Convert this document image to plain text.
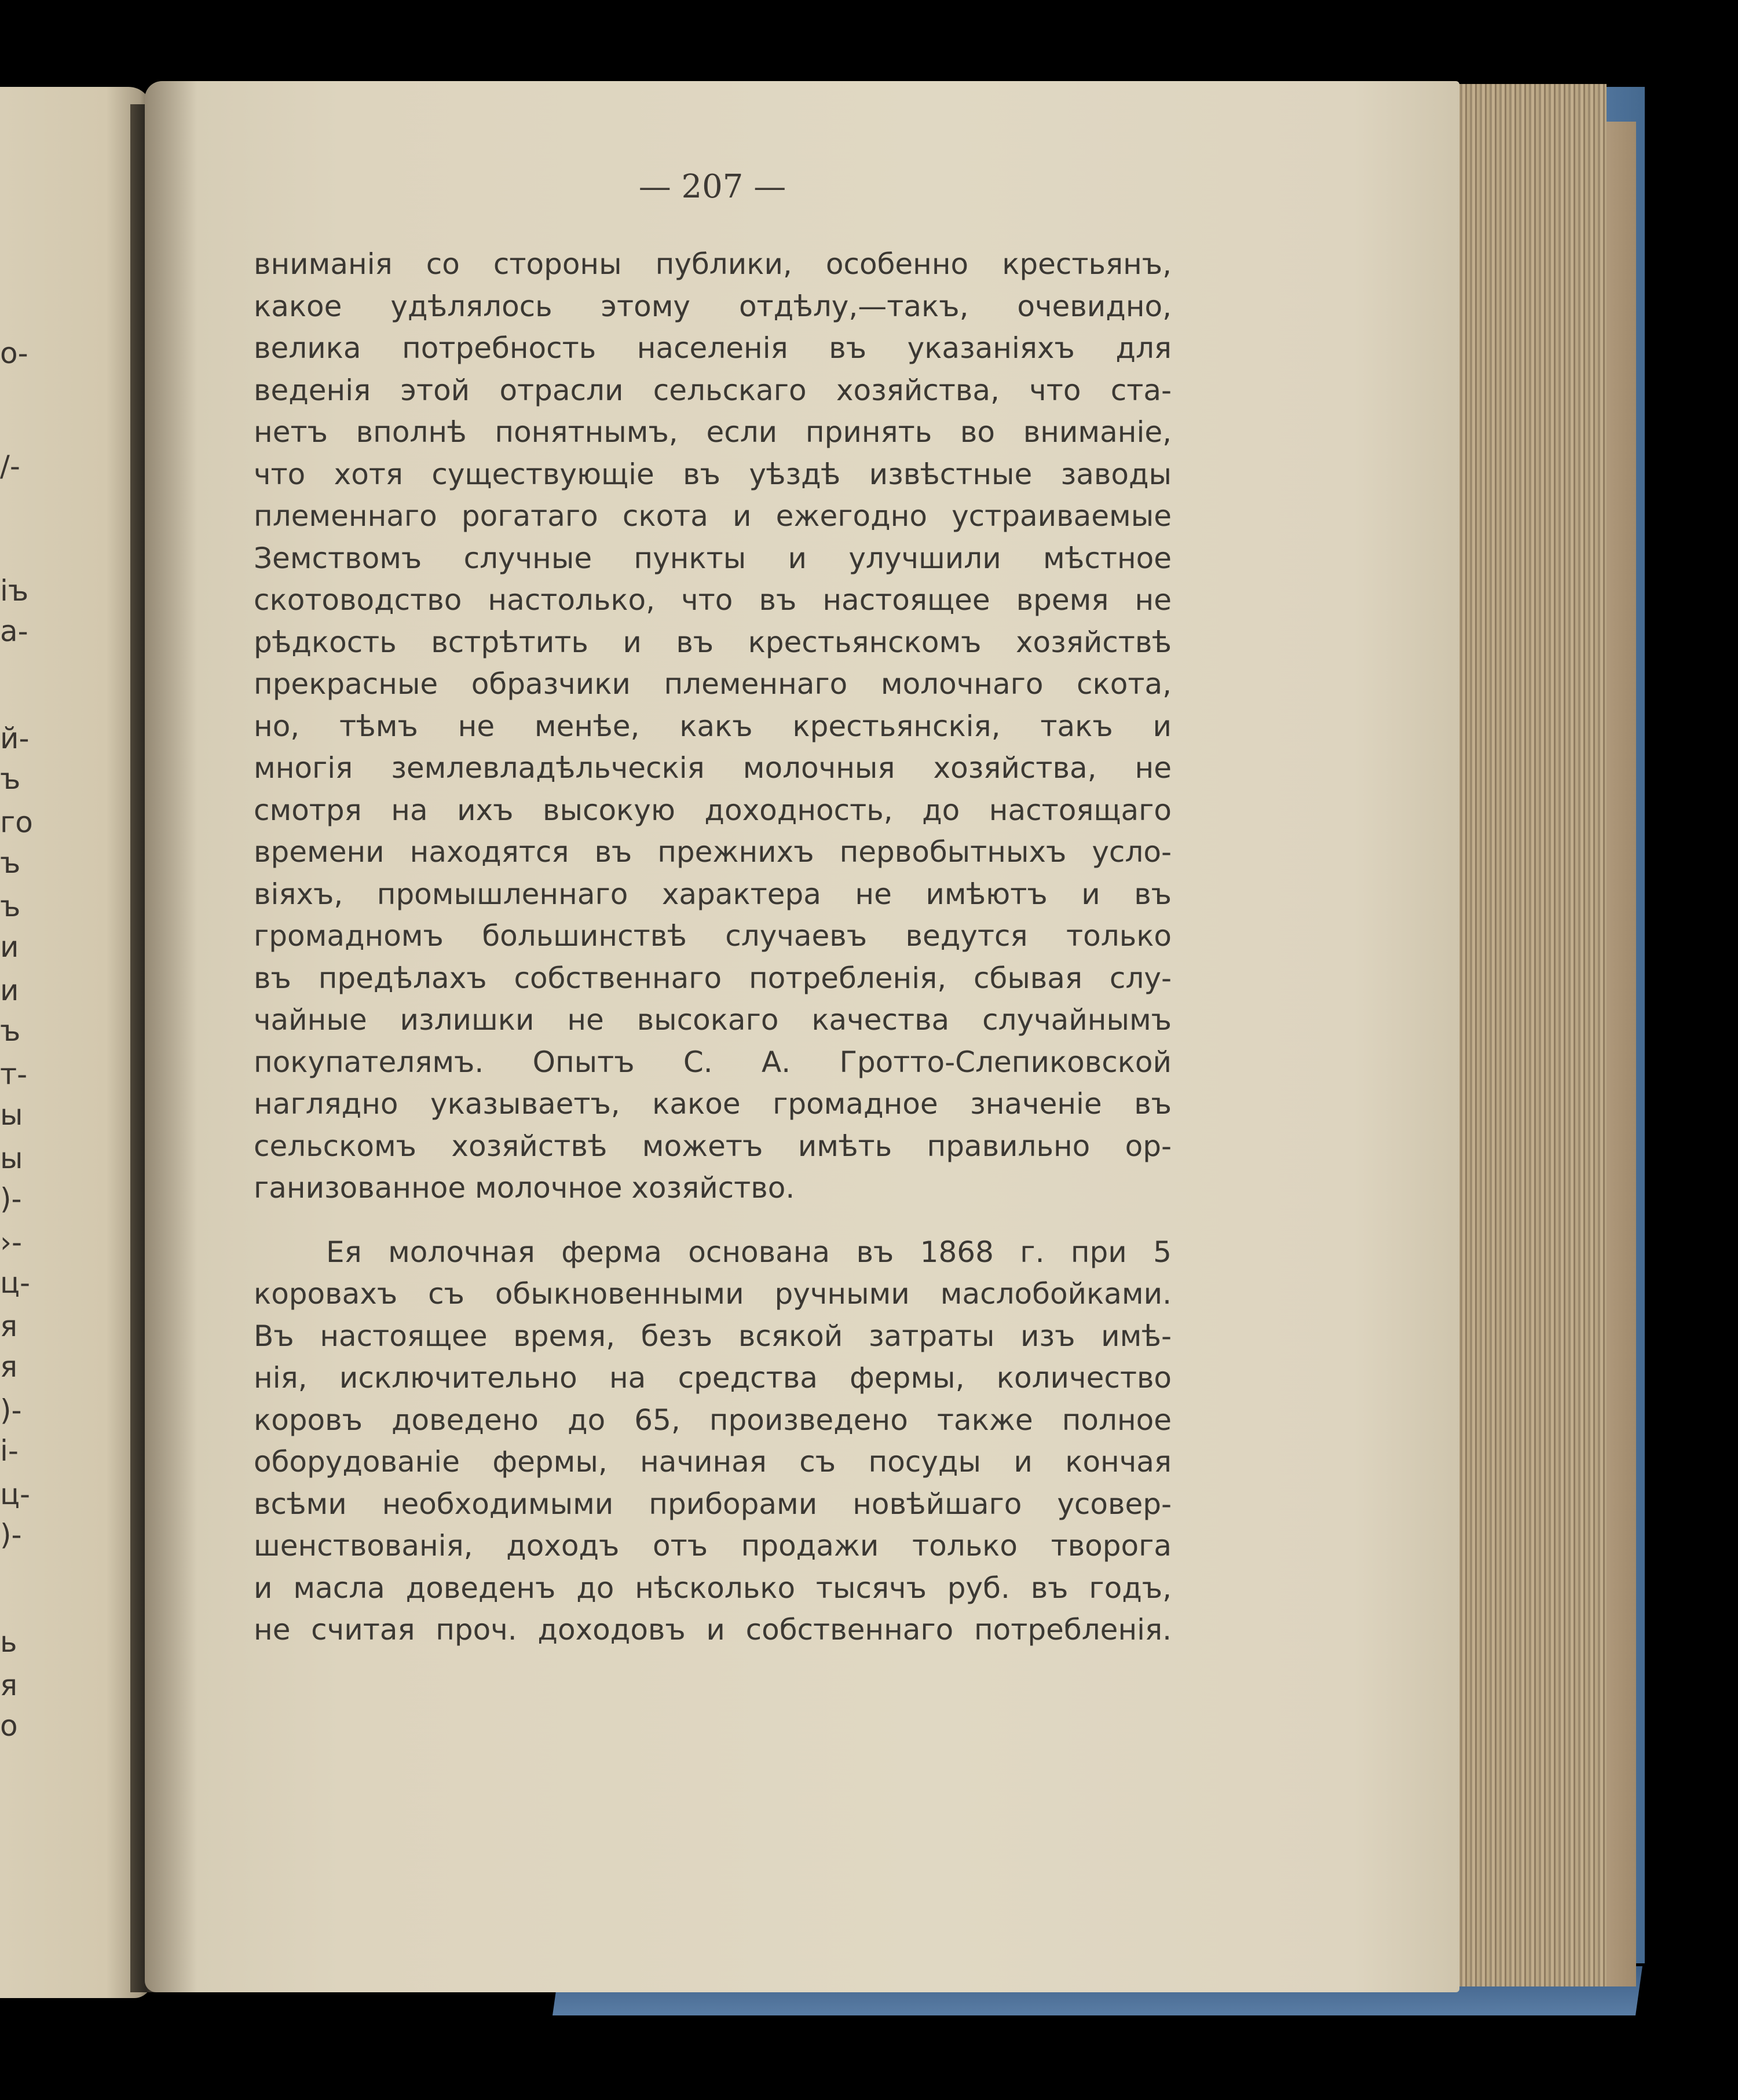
о-
/-
іъ
а-
й-
ъ
го
ъ
ъ
и
и
ъ
т-
ы
ы
)-
›-
ц-
я
я
)-
і-
ц-
)-
ь
я
о
— 207 —
вниманія со стороны публики, особенно крестьянъ,
какое удѣлялось этому отдѣлу,—такъ, очевидно,
велика потребность населенія въ указаніяхъ для
веденія этой отрасли сельскаго хозяйства, что ста-
нетъ вполнѣ понятнымъ, если принять во вниманіе,
что хотя существующіе въ уѣздѣ извѣстные заводы
племеннаго рогатаго скота и ежегодно устраиваемые
Земствомъ случные пункты и улучшили мѣстное
скотоводство настолько, что въ настоящее время не
рѣдкость встрѣтить и въ крестьянскомъ хозяйствѣ
прекрасные образчики племеннаго молочнаго скота,
но, тѣмъ не менѣе, какъ крестьянскія, такъ и
многія землевладѣльческія молочныя хозяйства, не
смотря на ихъ высокую доходность, до настоящаго
времени находятся въ прежнихъ первобытныхъ усло-
віяхъ, промышленнаго характера не имѣютъ и въ
громадномъ большинствѣ случаевъ ведутся только
въ предѣлахъ собственнаго потребленія, сбывая слу-
чайные излишки не высокаго качества случайнымъ
покупателямъ. Опытъ С. А. Гротто-Слепиковской
наглядно указываетъ, какое громадное значеніе въ
сельскомъ хозяйствѣ можетъ имѣть правильно ор-
ганизованное молочное хозяйство.
Ея молочная ферма основана въ 1868 г. при 5
коровахъ съ обыкновенными ручными маслобойками.
Въ настоящее время, безъ всякой затраты изъ имѣ-
нія, исключительно на средства фермы, количество
коровъ доведено до 65, произведено также полное
оборудованіе фермы, начиная съ посуды и кончая
всѣми необходимыми приборами новѣйшаго усовер-
шенствованія, доходъ отъ продажи только творога
и масла доведенъ до нѣсколько тысячъ руб. въ годъ,
не считая проч. доходовъ и собственнаго потребленія.
